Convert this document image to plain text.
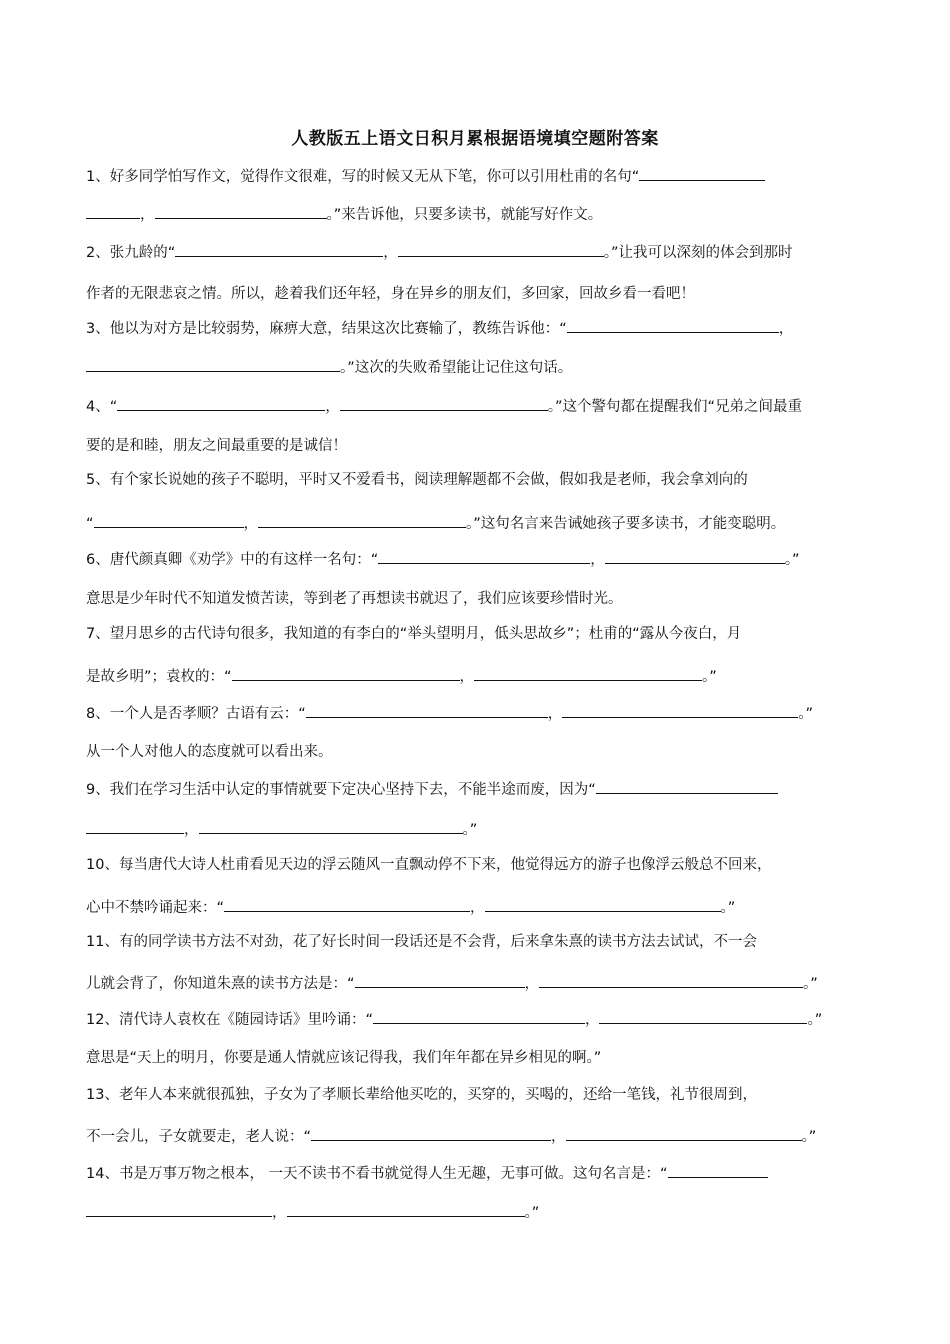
人教版五上语文日积月累根据语境填空题附答案
1、好多同学怕写作文，觉得作文很难，写的时候又无从下笔，你可以引用杜甫的名句“
，	。”来告诉他，只要多读书，就能写好作文。
2、张九龄的“	，	。”让我可以深刻的体会到那时
作者的无限悲哀之情。所以，趁着我们还年轻，身在异乡的朋友们，多回家，回故乡看一看吧！
3、他以为对方是比较弱势，麻痹大意，结果这次比赛输了，教练告诉他：“	，
。”这次的失败希望能让记住这句话。
4、“	，	。”这个警句都在提醒我们“兄弟之间最重
要的是和睦，朋友之间最重要的是诚信！
5、有个家长说她的孩子不聪明，平时又不爱看书，阅读理解题都不会做，假如我是老师，我会拿刘向的
“	，	。”这句名言来告诫她孩子要多读书，才能变聪明。
6、唐代颜真卿《劝学》中的有这样一名句：“	，	。”
意思是少年时代不知道发愤苦读，等到老了再想读书就迟了，我们应该要珍惜时光。
7、望月思乡的古代诗句很多，我知道的有李白的“举头望明月，低头思故乡”；杜甫的“露从今夜白，月
是故乡明”；袁枚的：“	，	。”
8、一个人是否孝顺？古语有云：“	，	。”
从一个人对他人的态度就可以看出来。
9、我们在学习生活中认定的事情就要下定决心坚持下去，不能半途而废，因为“
，	。”
10、每当唐代大诗人杜甫看见天边的浮云随风一直飘动停不下来，他觉得远方的游子也像浮云般总不回来，
心中不禁吟诵起来：“	，	。”
11、有的同学读书方法不对劲，花了好长时间一段话还是不会背，后来拿朱熹的读书方法去试试，不一会
儿就会背了，你知道朱熹的读书方法是：“	，	。”
12、清代诗人袁枚在《随园诗话》里吟诵：“	，	。”
意思是“天上的明月，你要是通人情就应该记得我，我们年年都在异乡相见的啊。”
13、老年人本来就很孤独，子女为了孝顺长辈给他买吃的，买穿的，买喝的，还给一笔钱，礼节很周到，
不一会儿，子女就要走，老人说：“	，	。”
14、书是万事万物之根本， 一天不读书不看书就觉得人生无趣，无事可做。这句名言是：“
，	。”
